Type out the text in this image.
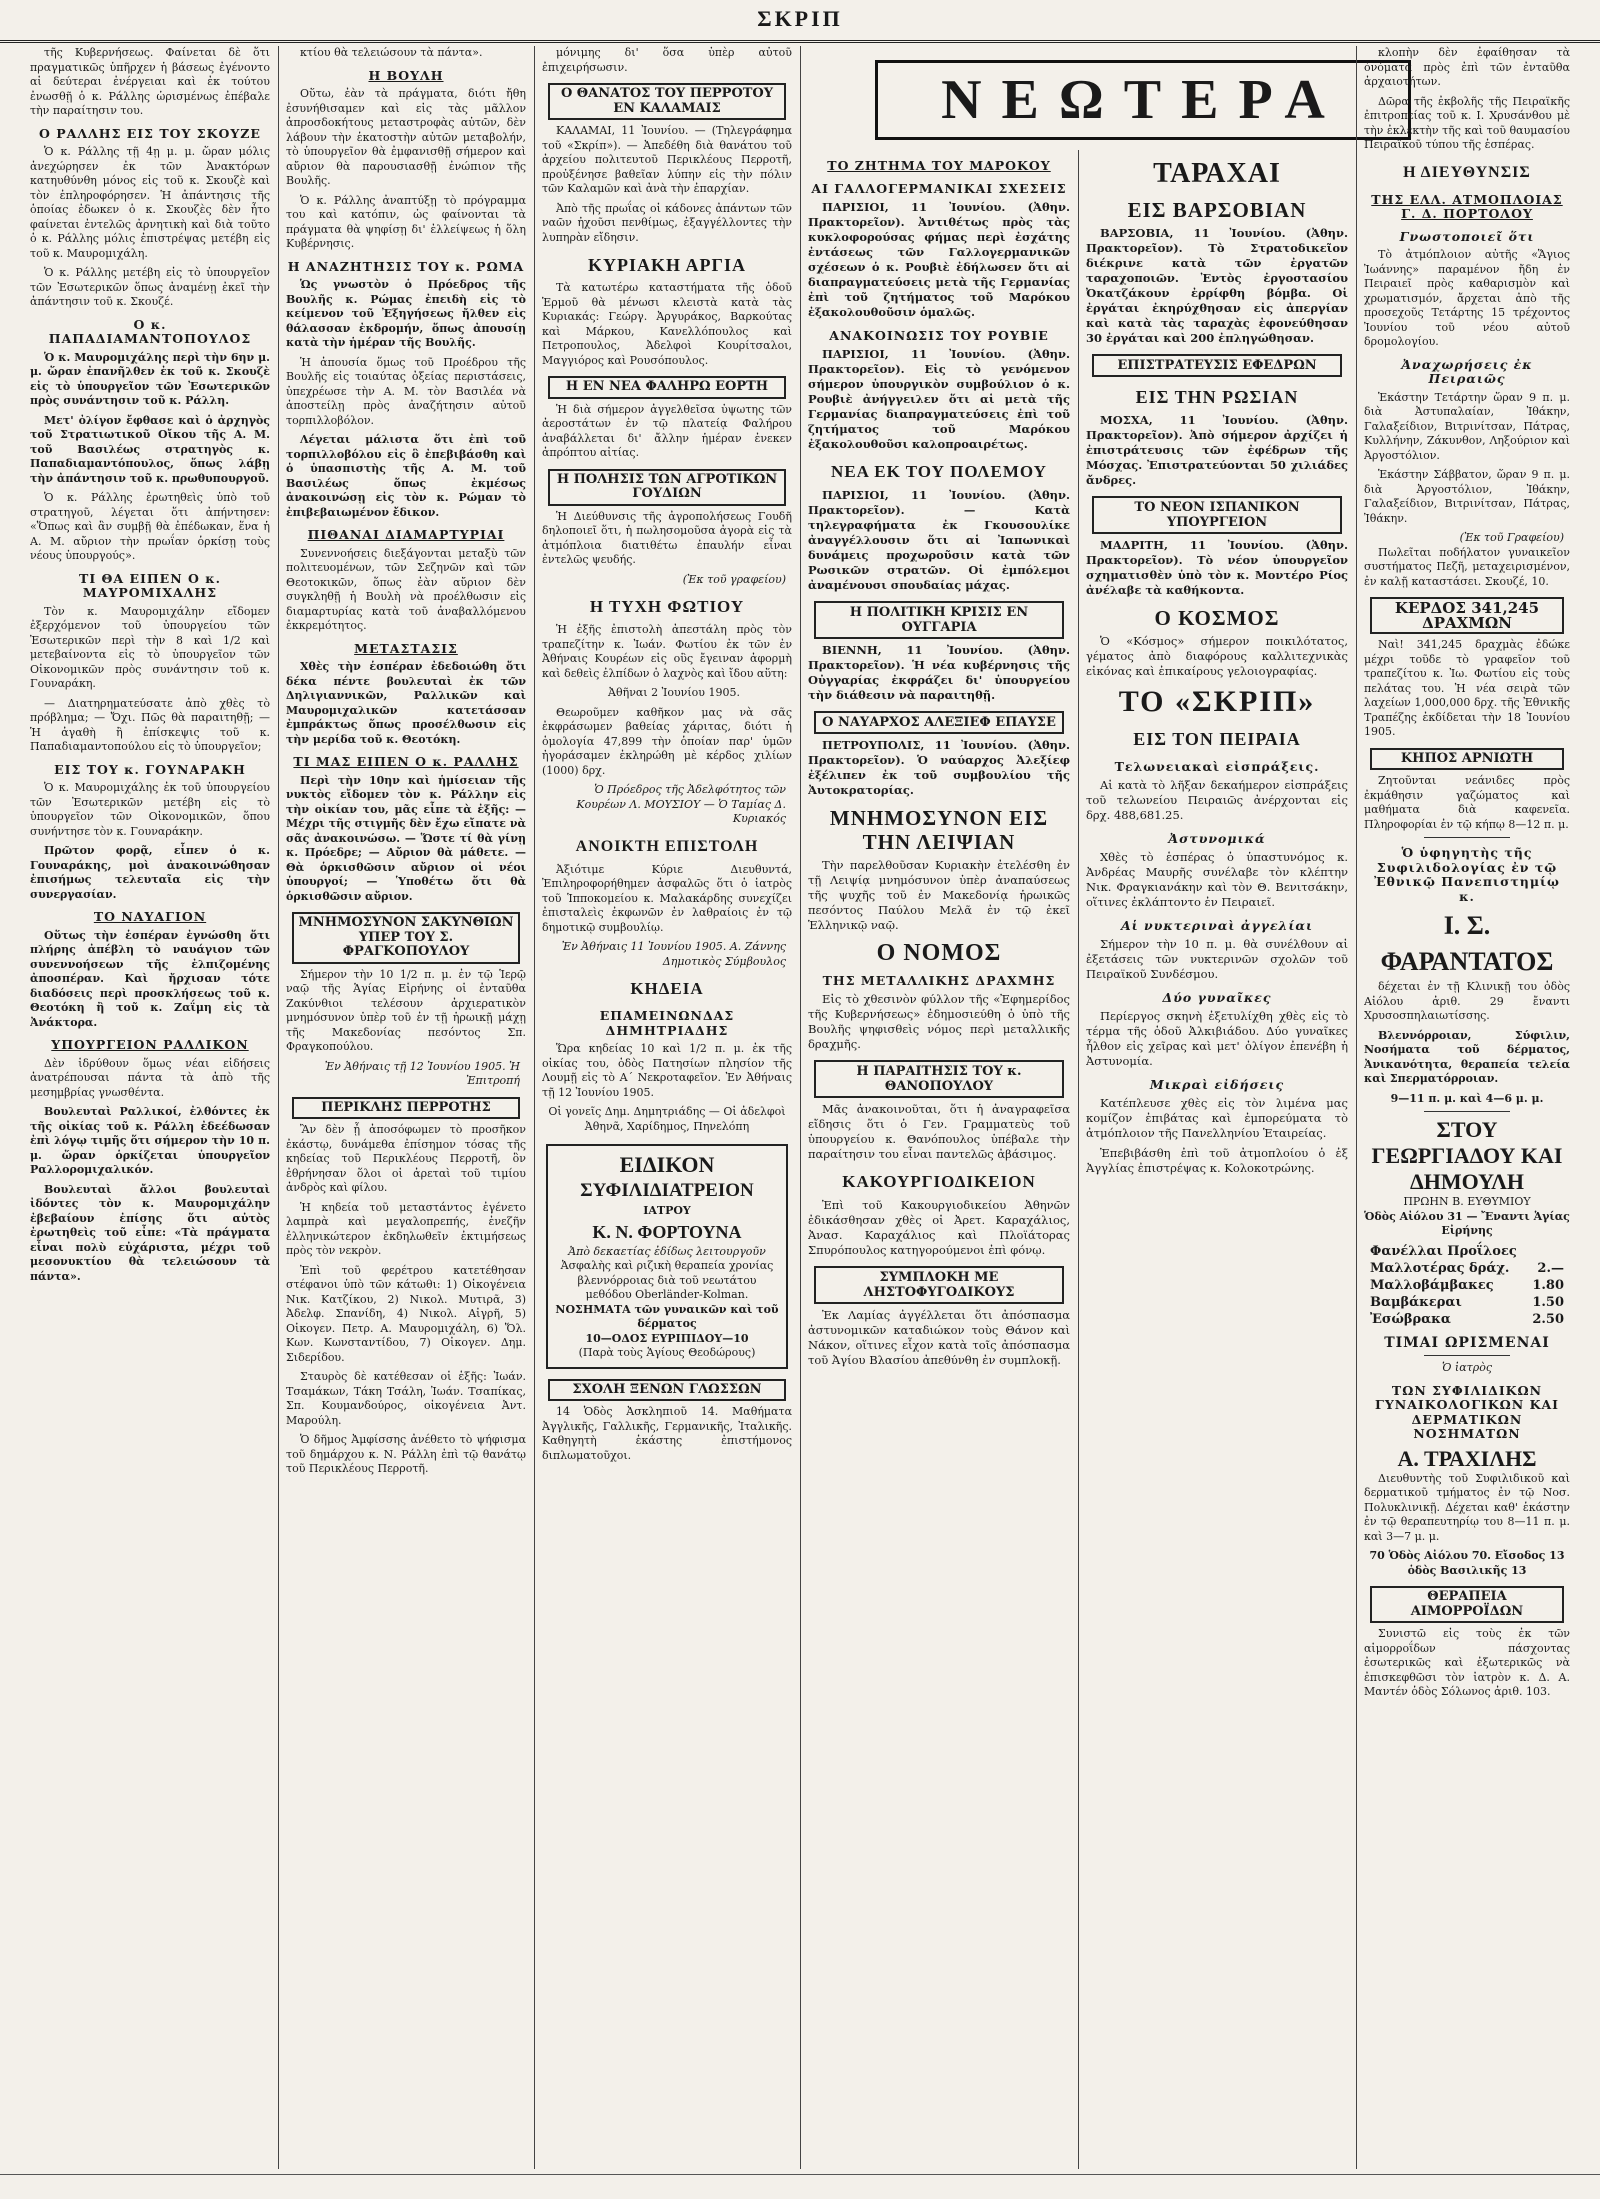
ΣΚΡΙΠ

τῆς Κυβερνήσεως. Φαίνεται δὲ ὅτι πραγματικῶς ὑπῆρχεν ἡ βάσεως ἐγένοντο αἱ δεύτεραι ἐνέργειαι καὶ ἐκ τούτου ἐνωσθῇ ὁ κ. Ράλλης ὡρισμένως ἐπέβαλε τὴν παραίτησιν του.

Ο ΡΑΛΛΗΣ ΕΙΣ ΤΟΥ ΣΚΟΥΖΕ

Ὁ κ. Ράλλης τῇ 4ῃ μ. μ. ὥραν μόλις ἀνεχώρησεν ἐκ τῶν Ἀνακτόρων κατηυθύνθη μόνος εἰς τοῦ κ. Σκουζὲ καὶ τὸν ἐπληροφόρησεν. Ἡ ἀπάντησις τῆς ὁποίας ἐδωκεν ὁ κ. Σκουζὲς δὲν ἦτο φαίνεται ἐντελῶς ἀρνητικὴ καὶ διὰ τοῦτο ὁ κ. Ράλλης μόλις ἐπιστρέψας μετέβη εἰς τοῦ κ. Μαυρομιχάλη.

Ὁ κ. Ράλλης μετέβη εἰς τὸ ὑπουργεῖον τῶν Ἐσωτερικῶν ὅπως ἀναμένῃ ἐκεῖ τὴν ἀπάντησιν τοῦ κ. Σκουζέ.

Ο κ. ΠΑΠΑΔΙΑΜΑΝΤΟΠΟΥΛΟΣ

Ὁ κ. Μαυρομιχάλης περὶ τὴν 6ην μ. μ. ὥραν ἐπανῆλθεν ἐκ τοῦ κ. Σκουζὲ εἰς τὸ ὑπουργεῖον τῶν Ἐσωτερικῶν πρὸς συνάντησιν τοῦ κ. Ράλλη.

Μετ' ὀλίγον ἔφθασε καὶ ὁ ἀρχηγὸς τοῦ Στρατιωτικοῦ Οἴκου τῆς Α. Μ. τοῦ Βασιλέως στρατηγὸς κ. Παπαδιαμαντόπουλος, ὅπως λάβῃ τὴν ἀπάντησιν τοῦ κ. πρωθυπουργοῦ.

Ὁ κ. Ράλλης ἐρωτηθεὶς ὑπὸ τοῦ στρατηγοῦ, λέγεται ὅτι ἀπήντησεν: «Ὅπως καὶ ἂν συμβῇ θὰ ἐπέδωκαν, ἕνα ἡ Α. Μ. αὔριον τὴν πρωΐαν ὁρκίσῃ τοὺς νέους ὑπουργούς».

ΤΙ ΘΑ ΕΙΠΕΝ Ο κ. ΜΑΥΡΟΜΙΧΑΛΗΣ

Τὸν κ. Μαυρομιχάλην εἴδομεν ἐξερχόμενον τοῦ ὑπουργείου τῶν Ἐσωτερικῶν περὶ τὴν 8 καὶ 1/2 καὶ μετεβαίνοντα εἰς τὸ ὑπουργεῖον τῶν Οἰκονομικῶν πρὸς συνάντησιν τοῦ κ. Γουναράκη.

— Διατηρηματεύσατε ἀπὸ χθὲς τὸ πρόβλημα; — Ὄχι. Πῶς θὰ παραιτηθῇ; — Ἡ ἀγαθὴ ἢ ἐπίσκεψις τοῦ κ. Παπαδιαμαντοπούλου εἰς τὸ ὑπουργεῖον;

ΕΙΣ ΤΟΥ κ. ΓΟΥΝΑΡΑΚΗ

Ὁ κ. Μαυρομιχάλης ἐκ τοῦ ὑπουργείου τῶν Ἐσωτερικῶν μετέβη εἰς τὸ ὑπουργεῖον τῶν Οἰκονομικῶν, ὅπου συνήντησε τὸν κ. Γουναράκην.

Πρῶτον φορᾷ, εἶπεν ὁ κ. Γουναράκης, μοὶ ἀνακοινώθησαν ἐπισήμως τελευταῖα εἰς τὴν συνεργασίαν.

ΤΟ ΝΑΥΑΓΙΟΝ

Οὕτως τὴν ἑσπέραν ἐγνώσθη ὅτι πλήρης ἀπέβλη τὸ ναυάγιον τῶν συνεννοήσεων τῆς ἐλπιζομένης ἀποσπέραν. Καὶ ἤρχισαν τότε διαδόσεις περὶ προσκλήσεως τοῦ κ. Θεοτόκη ἢ τοῦ κ. Ζαΐμη εἰς τὰ Ἀνάκτορα.

ΥΠΟΥΡΓΕΙΟΝ ΡΑΛΛΙΚΟΝ

Δὲν ἱδρύθουν ὅμως νέαι εἰδήσεις ἀνατρέπουσαι πάντα τὰ ἀπὸ τῆς μεσημβρίας γνωσθέντα.

Βουλευταὶ Ραλλικοί, ἐλθόντες ἐκ τῆς οἰκίας τοῦ κ. Ράλλη ἐδεέδωσαν ἐπὶ λόγῳ τιμῆς ὅτι σήμερον τὴν 10 π. μ. ὥραν ὁρκίζεται ὑπουργεῖον Ραλλορομιχαλικόν.

Βουλευταὶ ἄλλοι βουλευταὶ ἰδόντες τὸν κ. Μαυρομιχάλην ἐβεβαίουν ἐπίσης ὅτι αὐτὸς ἐρωτηθεὶς τοῦ εἶπε: «Τὰ πράγματα εἶναι πολὺ εὐχάριστα, μέχρι τοῦ μεσονυκτίου θὰ τελειώσουν τὰ πάντα».

κτίου θὰ τελειώσουν τὰ πάντα».

Η ΒΟΥΛΗ

Οὕτω, ἐὰν τὰ πράγματα, διότι ἤθη ἐσυνήθισαμεν καὶ εἰς τὰς μᾶλλον ἀπροσδοκήτους μεταστροφὰς αὐτῶν, δὲν λάβουν τὴν ἑκατοστὴν αὐτῶν μεταβολήν, τὸ ὑπουργεῖον θὰ ἐμφανισθῇ σήμερον καὶ αὔριον θὰ παρουσιασθῇ ἐνώπιον τῆς Βουλῆς.

Ὁ κ. Ράλλης ἀναπτύξῃ τὸ πρόγραμμα του καὶ κατόπιν, ὡς φαίνονται τὰ πράγματα θὰ ψηφίσῃ δι' ἐλλείψεως ἡ ὅλη Κυβέρνησις.

Η ΑΝΑΖΗΤΗΣΙΣ ΤΟΥ κ. ΡΩΜΑ

Ὡς γνωστὸν ὁ Πρόεδρος τῆς Βουλῆς κ. Ρώμας ἐπειδὴ εἰς τὸ κείμενον τοῦ Ἐξηγήσεως ἤλθεν εἰς θάλασσαν ἐκδρομήν, ὅπως ἀπουσίῃ κατὰ τὴν ἡμέραν τῆς Βουλῆς.

Ἡ ἀπουσία ὅμως τοῦ Προέδρου τῆς Βουλῆς εἰς τοιαύτας ὀξείας περιστάσεις, ὑπεχρέωσε τὴν Α. Μ. τὸν Βασιλέα νὰ ἀποστείλῃ πρὸς ἀναζήτησιν αὐτοῦ τορπιλλοβόλον.

Λέγεται μάλιστα ὅτι ἐπὶ τοῦ τορπιλλοβόλου εἰς ὃ ἐπεβιβάσθη καὶ ὁ ὑπασπιστὴς τῆς Α. Μ. τοῦ Βασιλέως ὅπως ἐκμέσως ἀνακοινώσῃ εἰς τὸν κ. Ρώμαν τὸ ἐπιβεβαιωμένον ἔδικον.

ΠΙΘΑΝΑΙ ΔΙΑΜΑΡΤΥΡΙΑΙ

Συνεννοήσεις διεξάγονται μεταξὺ τῶν πολιτευομένων, τῶν Σεζηνῶν καὶ τῶν Θεοτοκικῶν, ὅπως ἐὰν αὔριον δὲν συγκληθῇ ἡ Βουλὴ νὰ προέλθωσιν εἰς διαμαρτυρίας κατὰ τοῦ ἀναβαλλόμενου ἐκκρεμότητος.

ΜΕΤΑΣΤΑΣΙΣ

Χθὲς τὴν ἑσπέραν ἐδεδοιώθη ὅτι δέκα πέντε βουλευταὶ ἐκ τῶν Δηλιγιαννικῶν, Ραλλικῶν καὶ Μαυρομιχαλικῶν κατετάσσαν ἐμπράκτως ὅπως προσέλθωσιν εἰς τὴν μερίδα τοῦ κ. Θεοτόκη.

ΤΙ ΜΑΣ ΕΙΠΕΝ Ο κ. ΡΑΛΛΗΣ

Περὶ τὴν 10ην καὶ ἡμίσειαν τῆς νυκτὸς εἴδομεν τὸν κ. Ράλλην εἰς τὴν οἰκίαν του, μᾶς εἶπε τὰ ἐξῆς: — Μέχρι τῆς στιγμῆς δὲν ἔχω εἴπατε νὰ σᾶς ἀνακοινώσω. — Ὥστε τί θὰ γίνῃ κ. Πρόεδρε; — Αὔριον θὰ μάθετε. — Θὰ ὁρκισθῶσιν αὔριον οἱ νέοι ὑπουργοί; — Ὑποθέτω ὅτι θὰ ὁρκισθῶσιν αὔριον.

ΜΝΗΜΟΣΥΝΟΝ ΣΑΚΥΝΘΙΩΝ ΥΠΕΡ ΤΟΥ Σ. ΦΡΑΓΚΟΠΟΥΛΟΥ

Σήμερον τὴν 10 1/2 π. μ. ἐν τῷ Ἱερῷ ναῷ τῆς Ἁγίας Εἰρήνης οἱ ἐνταῦθα Ζακύνθιοι τελέσουν ἀρχιερατικὸν μνημόσυνον ὑπὲρ τοῦ ἐν τῇ ἡρωικῇ μάχῃ τῆς Μακεδονίας πεσόντος Σπ. Φραγκοπούλου.

Ἐν Ἀθήναις τῇ 12 Ἰουνίου 1905. Ἡ Ἐπιτροπή
ΠΕΡΙΚΛΗΣ ΠΕΡΡΟΤΗΣ

Ἂν δὲν ᾖ ἀποσόφωμεν τὸ προσῆκον ἐκάστῳ, δυνάμεθα ἐπίσημον τόσας τῆς κηδείας τοῦ Περικλέους Περροτῆ, ὃν ἐθρήνησαν ὅλοι οἱ ἀρεταὶ τοῦ τιμίου ἀνδρὸς καὶ φίλου.

Ἡ κηδεία τοῦ μεταστάντος ἐγένετο λαμπρὰ καὶ μεγαλοπρεπής, ἐνεζῆν ἐλληνικώτερον ἐκδηλωθεῖν ἐκτιμήσεως πρὸς τὸν νεκρὸν.

Ἐπὶ τοῦ φερέτρου κατετέθησαν στέφανοι ὑπὸ τῶν κάτωθι: 1) Οἰκογένεια Νικ. Κατζίκου, 2) Νικολ. Μυτιρᾶ, 3) Ἀδελφ. Σπανίδη, 4) Νικολ. Αἰγρῆ, 5) Οἰκογεν. Πετρ. Α. Μαυρομιχάλη, 6) Ὅλ. Κων. Κωνσταντίδου, 7) Οἰκογεν. Δημ. Σιδερίδου.

Σταυρὸς δὲ κατέθεσαν οἱ ἑξῆς: Ἰωάν. Τσαμάκων, Τάκη Τσάλη, Ἰωάν. Τσαπίκας, Σπ. Κουμανδούρος, οἰκογένεια Ἀντ. Μαρούλη.

Ὁ δῆμος Ἀμφίσσης ἀνέθετο τὸ ψήφισμα τοῦ δημάρχου κ. Ν. Ράλλη ἐπὶ τῷ θανάτῳ τοῦ Περικλέους Περροτῆ.

μόνιμης δι' ὅσα ὑπὲρ αὐτοῦ ἐπιχειρήσωσιν.

Ο ΘΑΝΑΤΟΣ ΤΟΥ ΠΕΡΡΟΤΟΥ ΕΝ ΚΑΛΑΜΑΙΣ

ΚΑΛΑΜΑΙ, 11 Ἰουνίου. — (Τηλεγράφημα τοῦ «Σκρίπ»). — Ἀπεδέθη διὰ θανάτου τοῦ ἀρχείου πολιτευτοῦ Περικλέους Περροτῆ, προὐξένησε βαθεῖαν λύπην εἰς τὴν πόλιν τῶν Καλαμῶν καὶ ἀνὰ τὴν ἐπαρχίαν.

Ἀπὸ τῆς πρωΐας οἱ κάδονες ἀπάντων τῶν ναῶν ἠχοῦσι πενθίμως, ἐξαγγέλλοντες τὴν λυπηρὰν εἴδησιν.

ΚΥΡΙΑΚΗ ΑΡΓΙΑ

Τὰ κατωτέρω καταστήματα τῆς ὁδοῦ Ἑρμοῦ θὰ μένωσι κλειστὰ κατὰ τὰς Κυριακάς: Γεώργ. Ἀργυράκος, Βαρκούτας καὶ Μάρκου, Κανελλόπουλος καὶ Πετροπουλος, Ἀδελφοὶ Κουρίτσαλοι, Μαγγιόρος καὶ Ρουσόπουλος.

Η ΕΝ ΝΕΑ ΦΑΛΗΡΩ ΕΟΡΤΗ

Ἡ διὰ σήμερον ἀγγελθεῖσα ὑψωτης τῶν ἀεροστάτων ἐν τῷ πλατείᾳ Φαλήρου ἀναβάλλεται δι' ἄλλην ἡμέραν ἐνεκεν ἀπρόπτου αἰτίας.

Η ΠΟΛΗΣΙΣ ΤΩΝ ΑΓΡΟΤΙΚΩΝ ΓΟΥΔΙΩΝ

Ἡ Διεύθυνσις τῆς ἀγροπολήσεως Γουδῆ δηλοποιεῖ ὅτι, ἡ πωλησομοῦσα ἀγορὰ εἰς τὰ ἀτμόπλοια διατιθέτω ἐπαυλήν εἶναι ἐντελῶς ψευδής.

(Ἐκ τοῦ γραφείου)
Η ΤΥΧΗ ΦΩΤΙΟΥ

Ἡ ἐξῆς ἐπιστολὴ ἀπεστάλη πρὸς τὸν τραπεζίτην κ. Ἰωάν. Φωτίου ἐκ τῶν ἐν Ἀθήναις Κουρέων εἰς οὓς ἔγειναν ἀφορμὴ καὶ δεθεὶς ἐλπίδων ὁ λαχνὸς καὶ ἴδου αὕτη:

Ἀθῆναι 2 Ἰουνίου 1905.

Θεωροῦμεν καθῆκον μας νὰ σᾶς ἐκφράσωμεν βαθείας χάριτας, διότι ἡ ὁμολογία 47,899 τὴν ὁποίαν παρ' ὑμῶν ἠγοράσαμεν ἐκληρώθη μὲ κέρδος χιλίων (1000) δρχ.

Ὁ Πρόεδρος τῆς Ἀδελφότητος τῶν Κουρέων Λ. ΜΟΥΣΙΟΥ — Ὁ Ταμίας Δ. Κυριακός
ΑΝΟΙΚΤΗ ΕΠΙΣΤΟΛΗ

Ἀξιότιμε Κύριε Διευθυντά, Ἐπιληροφορήθημεν ἀσφαλῶς ὅτι ὁ ἰατρὸς τοῦ Ἱπποκομείου κ. Μαλακάρδης συνεχίζει ἐπισταλεὶς ἐκφωνῶν ἐν λαθραίοις ἐν τῷ δημοτικῷ συμβουλίῳ.

Ἐν Ἀθήναις 11 Ἰουνίου 1905. Α. Ζάννης Δημοτικὸς Σύμβουλος
ΚΗΔΕΙΑ
ΕΠΑΜΕΙΝΩΝΔΑΣ ΔΗΜΗΤΡΙΑΔΗΣ

Ὥρα κηδείας 10 καὶ 1/2 π. μ. ἐκ τῆς οἰκίας του, ὁδὸς Πατησίων πλησίον τῆς Λουμῇ εἰς τὸ Α΄ Νεκροταφεῖον. Ἐν Ἀθήναις τῇ 12 Ἰουνίου 1905.

Οἱ γονεῖς Δημ. Δημητριάδης — Οἱ ἀδελφοὶ Ἀθηνᾶ, Χαρίδημος, Πηνελόπη
ΕΙΔΙΚΟΝ
ΣΥΦΙΛΙΔΙΑΤΡΕΙΟΝ
ΙΑΤΡΟΥ
Κ. Ν. ΦΟΡΤΟΥΝΑ
Ἀπὸ δεκαετίας ἐδίδως λειτουργοῦν
Ἀσφαλὴς καὶ ριζικὴ θεραπεία χρονίας βλεννόρροιας διὰ τοῦ νεωτάτου μεθόδου Oberländer-Kolman.
ΝΟΣΗΜΑΤΑ τῶν γυναικῶν καὶ τοῦ δέρματος
10—ΟΔΟΣ ΕΥΡΙΠΙΔΟΥ—10
(Παρὰ τοὺς Ἁγίους Θεοδώρους)
ΣΧΟΛΗ ΞΕΝΩΝ ΓΛΩΣΣΩΝ

14 Ὁδὸς Ἀσκληπιοῦ 14. Μαθήματα Ἀγγλικῆς, Γαλλικῆς, Γερμανικῆς, Ἰταλικῆς. Καθηγητὴ ἑκάστης ἐπιστήμονος διπλωματοῦχοι.

ΝΕΩΤΕΡΑ
ΤΟ ΖΗΤΗΜΑ ΤΟΥ ΜΑΡΟΚΟΥ
ΑΙ ΓΑΛΛΟΓΕΡΜΑΝΙΚΑΙ ΣΧΕΣΕΙΣ

ΠΑΡΙΣΙΟΙ, 11 Ἰουνίου. (Ἀθην. Πρακτορεῖον). Ἀντιθέτως πρὸς τὰς κυκλοφορούσας φήμας περὶ ἐσχάτης ἐντάσεως τῶν Γαλλογερμανικῶν σχέσεων ὁ κ. Ρουβιὲ ἐδήλωσεν ὅτι αἱ διαπραγματεύσεις μετὰ τῆς Γερμανίας ἐπὶ τοῦ ζητήματος τοῦ Μαρόκου ἐξακολουθοῦσιν ὁμαλῶς.

ΑΝΑΚΟΙΝΩΣΙΣ ΤΟΥ ΡΟΥΒΙΕ

ΠΑΡΙΣΙΟΙ, 11 Ἰουνίου. (Ἀθην. Πρακτορεῖον). Εἰς τὸ γενόμενον σήμερον ὑπουργικὸν συμβούλιον ὁ κ. Ρουβιὲ ἀνήγγειλεν ὅτι αἱ μετὰ τῆς Γερμανίας διαπραγματεύσεις ἐπὶ τοῦ ζητήματος τοῦ Μαρόκου ἐξακολουθοῦσι καλοπροαιρέτως.

ΝΕΑ ΕΚ ΤΟΥ ΠΟΛΕΜΟΥ

ΠΑΡΙΣΙΟΙ, 11 Ἰουνίου. (Ἀθην. Πρακτορεῖον). — Κατὰ τηλεγραφήματα ἐκ Γκουσουλίκε ἀναγγέλλουσιν ὅτι αἱ Ἰαπωνικαὶ δυνάμεις προχωροῦσιν κατὰ τῶν Ρωσικῶν στρατῶν. Οἱ ἐμπόλεμοι ἀναμένουσι σπουδαίας μάχας.

Η ΠΟΛΙΤΙΚΗ ΚΡΙΣΙΣ ΕΝ ΟΥΓΓΑΡΙΑ

ΒΙΕΝΝΗ, 11 Ἰουνίου. (Ἀθην. Πρακτορεῖον). Ἡ νέα κυβέρνησις τῆς Οὐγγαρίας ἐκφράζει δι' ὑπουργείου τὴν διάθεσιν νὰ παραιτηθῇ.

Ο ΝΑΥΑΡΧΟΣ ΑΛΕΞΙΕΦ ΕΠΑΥΣΕ

ΠΕΤΡΟΥΠΟΛΙΣ, 11 Ἰουνίου. (Ἀθην. Πρακτορεῖον). Ὁ ναύαρχος Ἀλεξίεφ ἐξέλιπεν ἐκ τοῦ συμβουλίου τῆς Ἀυτοκρατορίας.

ΜΝΗΜΟΣΥΝΟΝ ΕΙΣ ΤΗΝ ΛΕΙΨΙΑΝ

Τὴν παρελθοῦσαν Κυριακὴν ἐτελέσθη ἐν τῇ Λειψίᾳ μνημόσυνον ὑπὲρ ἀναπαύσεως τῆς ψυχῆς τοῦ ἐν Μακεδονίᾳ ἡρωικῶς πεσόντος Παύλου Μελᾶ ἐν τῷ ἐκεῖ Ἑλληνικῷ ναῷ.

Ο ΝΟΜΟΣ
ΤΗΣ ΜΕΤΑΛΛΙΚΗΣ ΔΡΑΧΜΗΣ

Εἰς τὸ χθεσινὸν φύλλον τῆς «Ἐφημερίδος τῆς Κυβερνήσεως» ἐδημοσιεύθη ὁ ὑπὸ τῆς Βουλῆς ψηφισθεὶς νόμος περὶ μεταλλικῆς δραχμῆς.

Η ΠΑΡΑΙΤΗΣΙΣ ΤΟΥ κ. ΘΑΝΟΠΟΥΛΟΥ

Μᾶς ἀνακοινοῦται, ὅτι ἡ ἀναγραφεῖσα εἴδησις ὅτι ὁ Γεν. Γραμματεὺς τοῦ ὑπουργείου κ. Θανόπουλος ὑπέβαλε τὴν παραίτησιν του εἶναι παντελῶς ἀβάσιμος.

ΚΑΚΟΥΡΓΙΟΔΙΚΕΙΟΝ

Ἐπὶ τοῦ Κακουργιοδικείου Ἀθηνῶν ἐδικάσθησαν χθὲς οἱ Ἀρετ. Καραχάλιος, Ἀνασ. Καραχάλιος καὶ Πλοϊάτορας Σπυρόπουλος κατηγορούμενοι ἐπὶ φόνῳ.

ΣΥΜΠΛΟΚΗ ΜΕ ΛΗΣΤΟΦΥΓΟΔΙΚΟΥΣ

Ἐκ Λαμίας ἀγγέλλεται ὅτι ἀπόσπασμα ἀστυνομικῶν καταδιώκον τοὺς Θάνον καὶ Νάκον, οἵτινες εἶχον κατὰ τοῖς ἀπόσπασμα τοῦ Ἀγίου Βλασίου ἀπεθύνθη ἐν συμπλοκῇ.

ΤΑΡΑΧΑΙ
ΕΙΣ ΒΑΡΣΟΒΙΑΝ

ΒΑΡΣΟΒΙΑ, 11 Ἰουνίου. (Ἀθην. Πρακτορεῖον). Τὸ Στρατοδικεῖον διέκρινε κατὰ τῶν ἐργατῶν ταραχοποιῶν. Ἐντὸς ἐργοστασίου Ὀκατζάκουν ἐρρίφθη βόμβα. Οἱ ἐργάται ἐκηρύχθησαν εἰς ἀπεργίαν καὶ κατὰ τὰς ταραχὰς ἐφονεύθησαν 30 ἐργάται καὶ 200 ἐπληγώθησαν.

ΕΠΙΣΤΡΑΤΕΥΣΙΣ ΕΦΕΔΡΩΝ
ΕΙΣ ΤΗΝ ΡΩΣΙΑΝ

ΜΟΣΧΑ, 11 Ἰουνίου. (Ἀθην. Πρακτορεῖον). Ἀπὸ σήμερον ἀρχίζει ἡ ἐπιστράτευσις τῶν ἐφέδρων τῆς Μόσχας. Ἐπιστρατεύονται 50 χιλιάδες ἄνδρες.

ΤΟ ΝΕΟΝ ΙΣΠΑΝΙΚΟΝ ΥΠΟΥΡΓΕΙΟΝ

ΜΑΔΡΙΤΗ, 11 Ἰουνίου. (Ἀθην. Πρακτορεῖον). Τὸ νέον ὑπουργεῖον σχηματισθὲν ὑπὸ τὸν κ. Μοντέρο Ρίος ἀνέλαβε τὰ καθήκοντα.

Ο ΚΟΣΜΟΣ

Ὁ «Κόσμος» σήμερον ποικιλότατος, γέματος ἀπὸ διαφόρους καλλιτεχνικὰς εἰκόνας καὶ ἐπικαίρους γελοιογραφίας.

ΤΟ «ΣΚΡΙΠ»
ΕΙΣ ΤΟΝ ΠΕΙΡΑΙΑ
Τελωνειακαὶ εἰσπράξεις.

Αἱ κατὰ τὸ λῆξαν δεκαήμερον εἰσπράξεις τοῦ τελωνείου Πειραιῶς ἀνέρχονται εἰς δρχ. 488,681.25.

Ἀστυνομικά

Χθὲς τὸ ἑσπέρας ὁ ὑπαστυνόμος κ. Ἀνδρέας Μαυρῆς συνέλαβε τὸν κλέπτην Νικ. Φραγκιανάκην καὶ τὸν Θ. Βενιτσάκην, οἵτινες ἐκλάπτοντο ἐν Πειραιεῖ.

Αἱ νυκτεριναὶ ἀγγελίαι

Σήμερον τὴν 10 π. μ. θὰ συνέλθουν αἱ ἐξετάσεις τῶν νυκτερινῶν σχολῶν τοῦ Πειραϊκοῦ Συνδέσμου.

Δύο γυναῖκες

Περίεργος σκηνὴ ἐξετυλίχθη χθὲς εἰς τὸ τέρμα τῆς ὁδοῦ Ἀλκιβιάδου. Δύο γυναῖκες ἦλθον εἰς χεῖρας καὶ μετ' ὀλίγον ἐπενέβη ἡ Ἀστυνομία.

Μικραὶ εἰδήσεις

Κατέπλευσε χθὲς εἰς τὸν λιμένα μας κομίζον ἐπιβάτας καὶ ἐμπορεύματα τὸ ἀτμόπλοιον τῆς Πανελληνίου Ἑταιρείας.

Ἐπεβιβάσθη ἐπὶ τοῦ ἀτμοπλοίου ὁ ἐξ Ἀγγλίας ἐπιστρέψας κ. Κολοκοτρώνης.

κλοπὴν δὲν ἐφαίθησαν τὰ ὀνόματα πρὸς ἐπὶ τῶν ἐνταῦθα ἀρχαιοτήτων.

Δῶρα τῆς ἐκβολῆς τῆς Πειραϊκῆς ἐπιτροπείας τοῦ κ. Ι. Χρυσάνθου μὲ τὴν ἐκλεκτὴν τῆς καὶ τοῦ θαυμασίου Πειραϊκοῦ τύπου τῆς ἑσπέρας.

Η ΔΙΕΥΘΥΝΣΙΣ
ΤΗΣ ΕΛΛ. ΑΤΜΟΠΛΟΙΑΣ Γ. Δ. ΠΟΡΤΟΛΟΥ
Γνωστοποιεῖ ὅτι

Τὸ ἀτμόπλοιον αὐτῆς «Ἅγιος Ἰωάννης» παραμένον ἤδη ἐν Πειραιεῖ πρὸς καθαρισμὸν καὶ χρωματισμόν, ἄρχεται ἀπὸ τῆς προσεχοῦς Τετάρτης 15 τρέχοντος Ἰουνίου τοῦ νέου αὐτοῦ δρομολογίου.

Ἀναχωρήσεις ἐκ Πειραιῶς

Ἑκάστην Τετάρτην ὥραν 9 π. μ. διὰ Ἀστυπαλαίαν, Ἰθάκην, Γαλαξείδιον, Βιτρινίτσαν, Πάτρας, Κυλλήνην, Ζάκυνθον, Ληξούριον καὶ Ἀργοστόλιον.

Ἑκάστην Σάββατον, ὥραν 9 π. μ. διὰ Ἀργοστόλιον, Ἰθάκην, Γαλαξείδιον, Βιτρινίτσαν, Πάτρας, Ἰθάκην.

(Ἐκ τοῦ Γραφείου)

Πωλεῖται ποδήλατον γυναικεῖον συστήματος Πεζῆ, μεταχειρισμένον, ἐν καλῇ καταστάσει. Σκουζέ, 10.

ΚΕΡΔΟΣ 341,245 ΔΡΑΧΜΩΝ

Ναὶ! 341,245 δραχμὰς ἐδώκε μέχρι τοῦδε τὸ γραφεῖον τοῦ τραπεζίτου κ. Ἰω. Φωτίου εἰς τοὺς πελάτας του. Ἡ νέα σειρὰ τῶν λαχείων 1,000,000 δρχ. τῆς Ἐθνικῆς Τραπέζης ἐκδίδεται τὴν 18 Ἰουνίου 1905.

ΚΗΠΟΣ ΑΡΝΙΩΤΗ

Ζητοῦνται νεάνιδες πρὸς ἐκμάθησιν γαζώματος καὶ μαθήματα διὰ καφενεῖα. Πληροφορίαι ἐν τῷ κήπῳ 8—12 π. μ.

Ὁ ὑφηγητὴς τῆς Συφιλιδολογίας ἐν τῷ Ἐθνικῷ Πανεπιστημίῳ κ.
Ι. Σ. ΦΑΡΑΝΤΑΤΟΣ

δέχεται ἐν τῇ Κλινικῇ του ὁδὸς Αἰόλου ἀριθ. 29 ἔναντι Χρυσοσπηλαιωτίσσης.

Βλεννόρροιαν, Σύφιλιν, Νοσήματα τοῦ δέρματος, Ἀνικανότητα, θεραπεία τελεία καὶ Σπερματόρροιαν.

9—11 π. μ. καὶ 4—6 μ. μ.
ΣΤΟΥ ΓΕΩΡΓΙΑΔΟΥ ΚΑΙ ΔΗΜΟΥΛΗ
ΠΡΩΗΝ Β. ΕΥΘΥΜΙΟΥ
Ὁδὸς Αἰόλου 31 — Ἔναντι Ἁγίας Εἰρήνης
Φανέλλαι Προΐλοες
Μαλλοτέρας δράχ. 2.—
Μαλλοβάμβακες	1.80
Βαμβάκεραι	1.50
Ἐσώβρακα	2.50
ΤΙΜΑΙ ΩΡΙΣΜΕΝΑΙ
Ὁ ἰατρὸς
ΤΩΝ ΣΥΦΙΛΙΔΙΚΩΝ ΓΥΝΑΙΚΟΛΟΓΙΚΩΝ ΚΑΙ ΔΕΡΜΑΤΙΚΩΝ ΝΟΣΗΜΑΤΩΝ
Α. ΤΡΑΧΙΛΗΣ

Διευθυντὴς τοῦ Συφιλιδικοῦ καὶ δερματικοῦ τμήματος ἐν τῷ Νοσ. Πολυκλινικῇ. Δέχεται καθ' ἑκάστην ἐν τῷ θεραπευτηρίῳ του 8—11 π. μ. καὶ 3—7 μ. μ.

70 Ὁδὸς Αἰόλου 70. Εἴσοδος 13 ὁδὸς Βασιλικῆς 13
ΘΕΡΑΠΕΙΑ ΑΙΜΟΡΡΟΪΔΩΝ

Συνιστῶ εἰς τοὺς ἐκ τῶν αἱμορροΐδων πάσχοντας ἐσωτερικῶς καὶ ἐξωτερικῶς νὰ ἐπισκεφθῶσι τὸν ἰατρὸν κ. Δ. Α. Μαντέν ὁδὸς Σόλωνος ἀριθ. 103.
